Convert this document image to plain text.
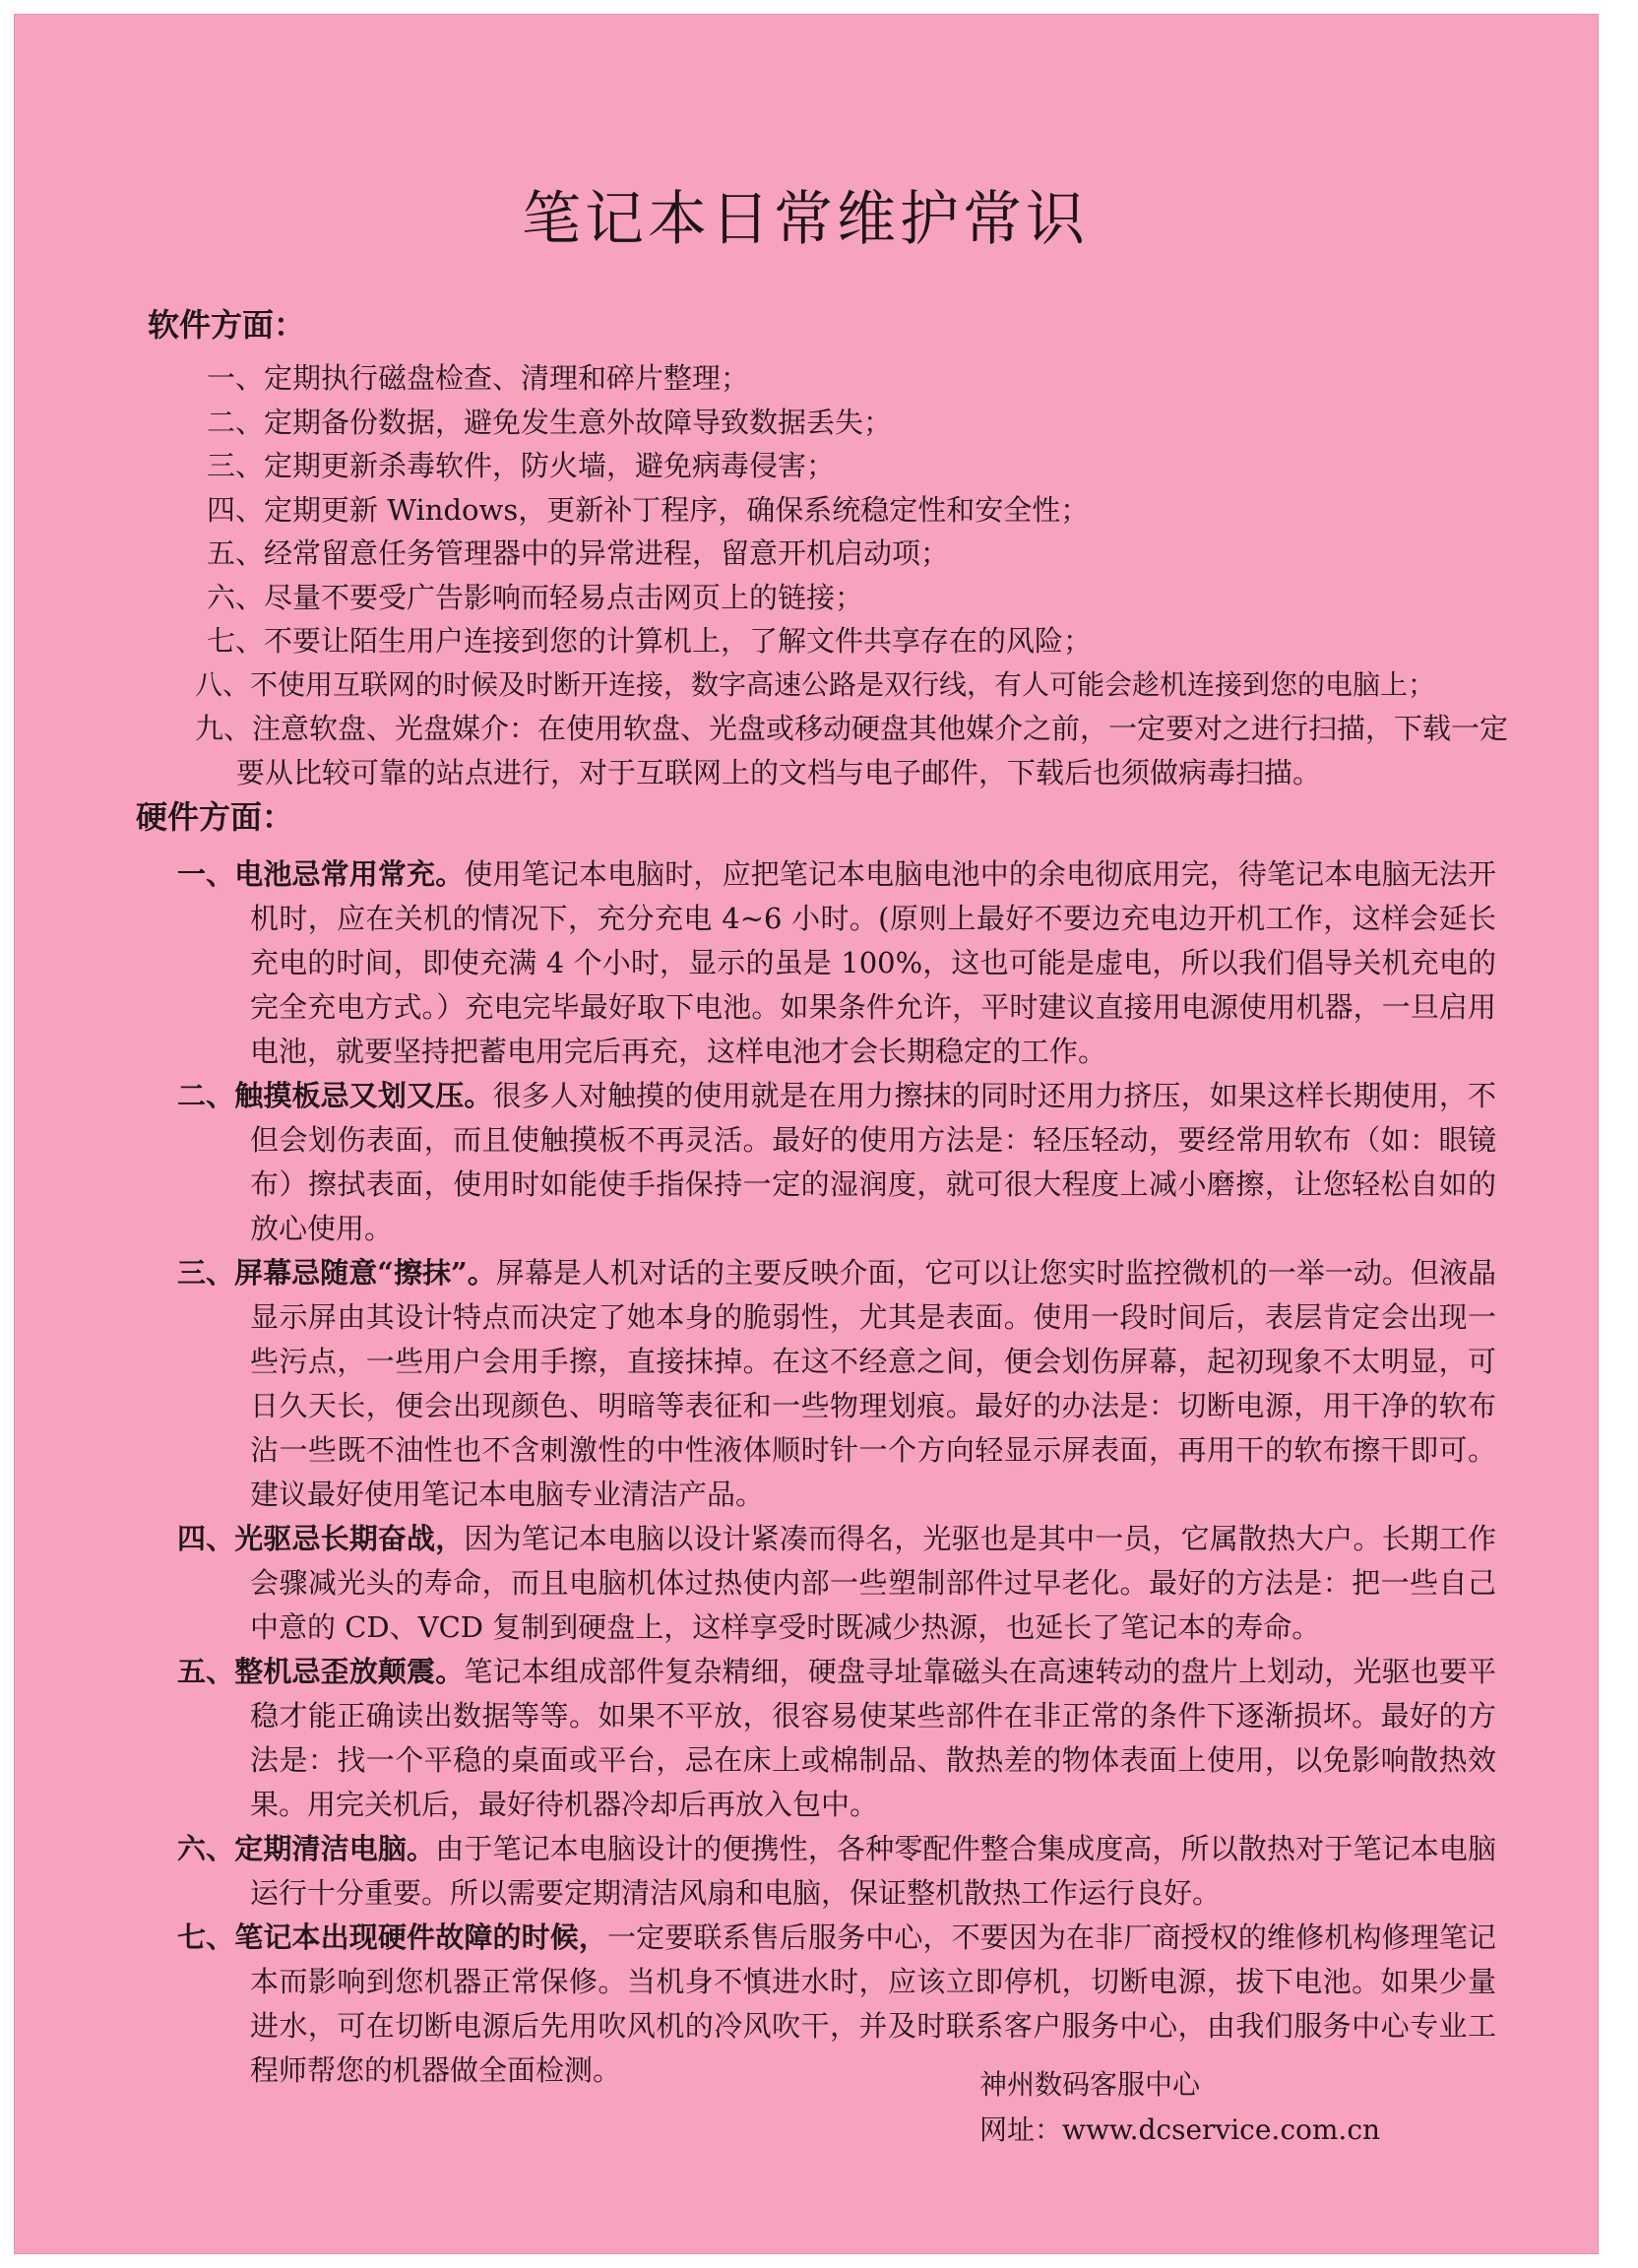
笔记本日常维护常识
软件方面：
一、定期执行磁盘检查、清理和碎片整理；
二、定期备份数据，避免发生意外故障导致数据丢失；
三、定期更新杀毒软件，防火墙，避免病毒侵害；
四、定期更新 Windows，更新补丁程序，确保系统稳定性和安全性；
五、经常留意任务管理器中的异常进程，留意开机启动项；
六、尽量不要受广告影响而轻易点击网页上的链接；
七、不要让陌生用户连接到您的计算机上，了解文件共享存在的风险；
八、不使用互联网的时候及时断开连接，数字高速公路是双行线，有人可能会趁机连接到您的电脑上；
九、注意软盘、光盘媒介：在使用软盘、光盘或移动硬盘其他媒介之前，一定要对之进行扫描，下载一定要从比较可靠的站点进行，对于互联网上的文档与电子邮件，下载后也须做病毒扫描。
硬件方面：
一、电池忌常用常充。使用笔记本电脑时，应把笔记本电脑电池中的余电彻底用完，待笔记本电脑无法开机时，应在关机的情况下，充分充电 4~6 小时。(原则上最好不要边充电边开机工作，这样会延长充电的时间，即使充满 4 个小时，显示的虽是 100%，这也可能是虚电，所以我们倡导关机充电的完全充电方式。）充电完毕最好取下电池。如果条件允许，平时建议直接用电源使用机器，一旦启用电池，就要坚持把蓄电用完后再充，这样电池才会长期稳定的工作。
二、触摸板忌又划又压。很多人对触摸的使用就是在用力擦抹的同时还用力挤压，如果这样长期使用，不但会划伤表面，而且使触摸板不再灵活。最好的使用方法是：轻压轻动，要经常用软布（如：眼镜布）擦拭表面，使用时如能使手指保持一定的湿润度，就可很大程度上减小磨擦，让您轻松自如的放心使用。
三、屏幕忌随意“擦抹”。屏幕是人机对话的主要反映介面，它可以让您实时监控微机的一举一动。但液晶显示屏由其设计特点而决定了她本身的脆弱性，尤其是表面。使用一段时间后，表层肯定会出现一些污点，一些用户会用手擦，直接抹掉。在这不经意之间，便会划伤屏幕，起初现象不太明显，可日久天长，便会出现颜色、明暗等表征和一些物理划痕。最好的办法是：切断电源，用干净的软布沾一些既不油性也不含刺激性的中性液体顺时针一个方向轻显示屏表面，再用干的软布擦干即可。建议最好使用笔记本电脑专业清洁产品。
四、光驱忌长期奋战，因为笔记本电脑以设计紧凑而得名，光驱也是其中一员，它属散热大户。长期工作会骤减光头的寿命，而且电脑机体过热使内部一些塑制部件过早老化。最好的方法是：把一些自己中意的 CD、VCD 复制到硬盘上，这样享受时既减少热源，也延长了笔记本的寿命。
五、整机忌歪放颠震。笔记本组成部件复杂精细，硬盘寻址靠磁头在高速转动的盘片上划动，光驱也要平稳才能正确读出数据等等。如果不平放，很容易使某些部件在非正常的条件下逐渐损坏。最好的方法是：找一个平稳的桌面或平台，忌在床上或棉制品、散热差的物体表面上使用，以免影响散热效果。用完关机后，最好待机器冷却后再放入包中。
六、定期清洁电脑。由于笔记本电脑设计的便携性，各种零配件整合集成度高，所以散热对于笔记本电脑运行十分重要。所以需要定期清洁风扇和电脑，保证整机散热工作运行良好。
七、笔记本出现硬件故障的时候，一定要联系售后服务中心，不要因为在非厂商授权的维修机构修理笔记本而影响到您机器正常保修。当机身不慎进水时，应该立即停机，切断电源，拔下电池。如果少量进水，可在切断电源后先用吹风机的冷风吹干，并及时联系客户服务中心，由我们服务中心专业工程师帮您的机器做全面检测。	神州数码客服中心
网址：www.dcservice.com.cn
